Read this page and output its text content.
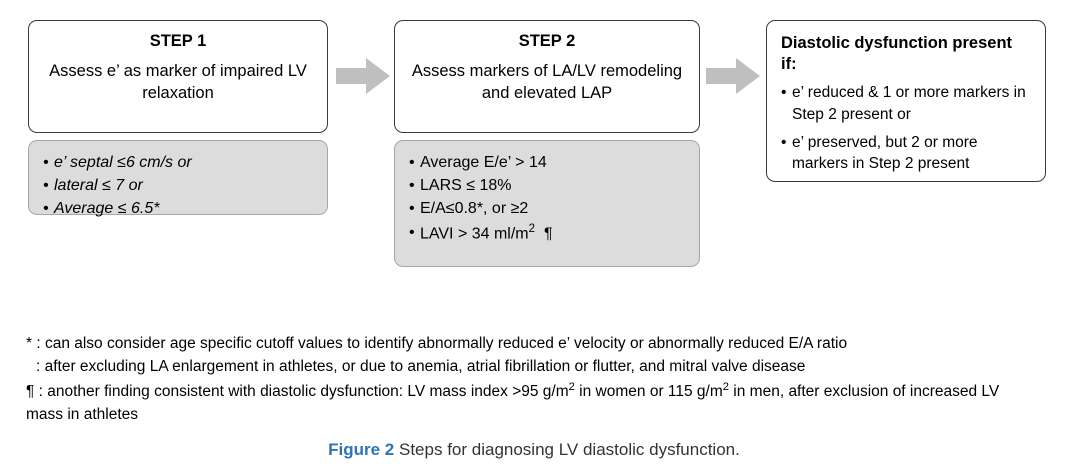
STEP 1
Assess e’ as marker of impaired LV relaxation
• e’ septal ≤6 cm/s or
• lateral ≤ 7 or
• Average ≤ 6.5*
STEP 2
Assess markers of LA/LV remodeling and elevated LAP
• Average E/e’ > 14
• LARS ≤ 18%
• E/A≤0.8*, or ≥2
• LAVI > 34 $ml/m^2$ ¶
Diastolic dysfunction present if:
• e’ reduced & 1 or more markers in Step 2 present or
• e’ preserved, but 2 or more markers in Step 2 present

* : can also consider age specific cutoff values to identify abnormally reduced e’ velocity or abnormally reduced E/A ratio

: after excluding LA enlargement in athletes, or due to anemia, atrial fibrillation or flutter, and mitral valve disease

¶ : another finding consistent with diastolic dysfunction: LV mass index >95 $g/m^2$ in women or 115 $g/m^2$ in men, after exclusion of increased LV mass in athletes

Figure 2 Steps for diagnosing LV diastolic dysfunction.
